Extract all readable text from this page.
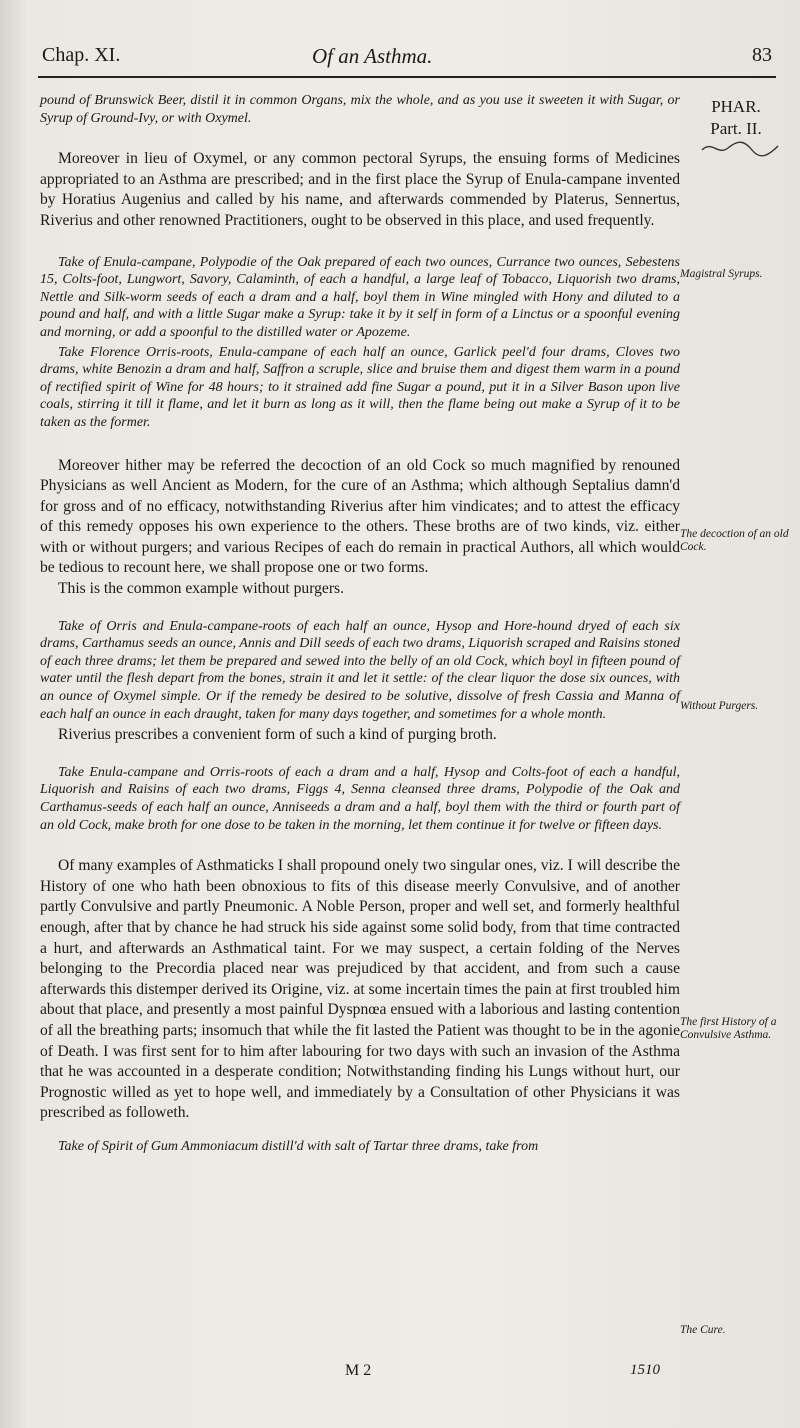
Chap. XI.	Of an Asthma.	83
PHAR.
Part. II.

pound of Brunswick Beer, distil it in common Organs, mix the whole, and as you use it sweeten it with Sugar, or Syrup of Ground-Ivy, or with Oxymel.

Moreover in lieu of Oxymel, or any common pectoral Syrups, the ensuing forms of Medicines appropriated to an Asthma are prescribed; and in the first place the Syrup of Enula-campane invented by Horatius Augenius and called by his name, and afterwards commended by Platerus, Sennertus, Riverius and other renowned Practitioners, ought to be observed in this place, and used frequently.

Take of Enula-campane, Polypodie of the Oak prepared of each two ounces, Currance two ounces, Sebestens 15, Colts-foot, Lungwort, Savory, Calaminth, of each a handful, a large leaf of Tobacco, Liquorish two drams, Nettle and Silk-worm seeds of each a dram and a half, boyl them in Wine mingled with Hony and diluted to a pound and half, and with a little Sugar make a Syrup: take it by it self in form of a Linctus or a spoonful evening and morning, or add a spoonful to the distilled water or Apozeme.

Take Florence Orris-roots, Enula-campane of each half an ounce, Garlick peel'd four drams, Cloves two drams, white Benozin a dram and half, Saffron a scruple, slice and bruise them and digest them warm in a pound of rectified spirit of Wine for 48 hours; to it strained add fine Sugar a pound, put it in a Silver Bason upon live coals, stirring it till it flame, and let it burn as long as it will, then the flame being out make a Syrup of it to be taken as the former.

Moreover hither may be referred the decoction of an old Cock so much magnified by renouned Physicians as well Ancient as Modern, for the cure of an Asthma; which although Septalius damn'd for gross and of no efficacy, notwithstanding Riverius after him vindicates; and to attest the efficacy of this remedy opposes his own experience to the others. These broths are of two kinds, viz. either with or without purgers; and various Recipes of each do remain in practical Authors, all which would be tedious to recount here, we shall propose one or two forms.

This is the common example without purgers.

Take of Orris and Enula-campane-roots of each half an ounce, Hysop and Hore-hound dryed of each six drams, Carthamus seeds an ounce, Annis and Dill seeds of each two drams, Liquorish scraped and Raisins stoned of each three drams; let them be prepared and sewed into the belly of an old Cock, which boyl in fifteen pound of water until the flesh depart from the bones, strain it and let it settle: of the clear liquor the dose six ounces, with an ounce of Oxymel simple. Or if the remedy be desired to be solutive, dissolve of fresh Cassia and Manna of each half an ounce in each draught, taken for many days together, and sometimes for a whole month.

Riverius prescribes a convenient form of such a kind of purging broth.

Take Enula-campane and Orris-roots of each a dram and a half, Hysop and Colts-foot of each a handful, Liquorish and Raisins of each two drams, Figgs 4, Senna cleansed three drams, Polypodie of the Oak and Carthamus-seeds of each half an ounce, Anniseeds a dram and a half, boyl them with the third or fourth part of an old Cock, make broth for one dose to be taken in the morning, let them continue it for twelve or fifteen days.

Of many examples of Asthmaticks I shall propound onely two singular ones, viz. I will describe the History of one who hath been obnoxious to fits of this disease meerly Convulsive, and of another partly Convulsive and partly Pneumonic. A Noble Person, proper and well set, and formerly healthful enough, after that by chance he had struck his side against some solid body, from that time contracted a hurt, and afterwards an Asthmatical taint. For we may suspect, a certain folding of the Nerves belonging to the Precordia placed near was prejudiced by that accident, and from such a cause afterwards this distemper derived its Origine, viz. at some incertain times the pain at first troubled him about that place, and presently a most painful Dyspnœa ensued with a laborious and lasting contention of all the breathing parts; insomuch that while the fit lasted the Patient was thought to be in the agonie of Death. I was first sent for to him after labouring for two days with such an invasion of the Asthma that he was accounted in a desperate condition; Notwithstanding finding his Lungs without hurt, our Prognostic willed as yet to hope well, and immediately by a Consultation of other Physicians it was prescribed as followeth.

Take of Spirit of Gum Ammoniacum distill'd with salt of Tartar three drams, take from

Magistral Syrups.
The decoction of an old Cock.
Without Purgers.
The first History of a Convulsive Asthma.
The Cure.
M 2	1510
